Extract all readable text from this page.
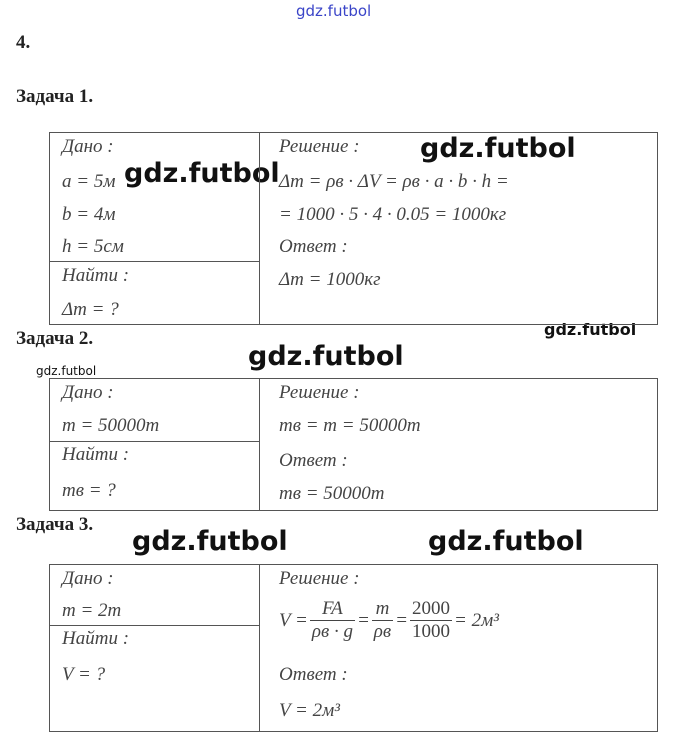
gdz.futbol
gdz.futbol
gdz.futbol
gdz.futbol
gdz.futbol
gdz.futbol
gdz.futbol	gdz.futbol
4.
Задача 1.
Дано :
a = 5м
b = 4м
h = 5см
Найти :
Δm = ?
Решение :
Δm = ρв · ΔV = ρв · a · b · h =
= 1000 · 5 · 4 · 0.05 = 1000кг
Ответ :
Δm = 1000кг
Задача 2.
Дано :
m = 50000т
Найти :
mв = ?
Решение :
mв = m = 50000т
Ответ :
mв = 50000т
Задача 3.
Дано :
m = 2т
Найти :
V = ?
Решение :
$V = \frac{FA}{\rho в \cdot g} = \frac{m}{\rho в} = \frac{2000}{1000} = 2м^3$
Ответ :
V = 2м³
